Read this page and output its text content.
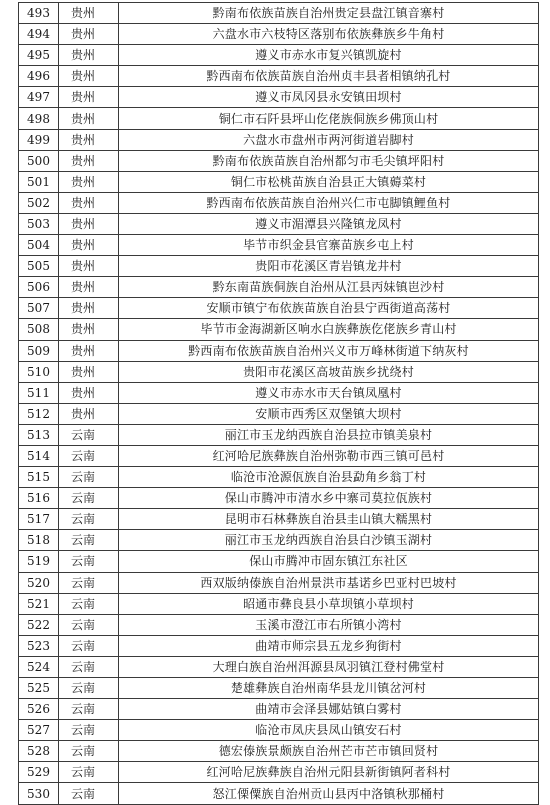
493	贵州	黔南布依族苗族自治州贵定县盘江镇音寨村
494	贵州	六盘水市六枝特区落别布依族彝族乡牛角村
495	贵州	遵义市赤水市复兴镇凯旋村
496	贵州	黔西南布依族苗族自治州贞丰县者相镇纳孔村
497	贵州	遵义市凤冈县永安镇田坝村
498	贵州	铜仁市石阡县坪山仡佬族侗族乡佛顶山村
499	贵州	六盘水市盘州市两河街道岩脚村
500	贵州	黔南布依族苗族自治州都匀市毛尖镇坪阳村
501	贵州	铜仁市松桃苗族自治县正大镇薅菜村
502	贵州	黔西南布依族苗族自治州兴仁市屯脚镇鲤鱼村
503	贵州	遵义市湄潭县兴隆镇龙凤村
504	贵州	毕节市织金县官寨苗族乡屯上村
505	贵州	贵阳市花溪区青岩镇龙井村
506	贵州	黔东南苗族侗族自治州从江县丙妹镇岜沙村
507	贵州	安顺市镇宁布依族苗族自治县宁西街道高荡村
508	贵州	毕节市金海湖新区响水白族彝族仡佬族乡青山村
509	贵州	黔西南布依族苗族自治州兴义市万峰林街道下纳灰村
510	贵州	贵阳市花溪区高坡苗族乡扰绕村
511	贵州	遵义市赤水市天台镇凤凰村
512	贵州	安顺市西秀区双堡镇大坝村
513	云南	丽江市玉龙纳西族自治县拉市镇美泉村
514	云南	红河哈尼族彝族自治州弥勒市西三镇可邑村
515	云南	临沧市沧源佤族自治县勐角乡翁丁村
516	云南	保山市腾冲市清水乡中寨司莫拉佤族村
517	云南	昆明市石林彝族自治县圭山镇大糯黑村
518	云南	丽江市玉龙纳西族自治县白沙镇玉湖村
519	云南	保山市腾冲市固东镇江东社区
520	云南	西双版纳傣族自治州景洪市基诺乡巴亚村巴坡村
521	云南	昭通市彝良县小草坝镇小草坝村
522	云南	玉溪市澄江市右所镇小湾村
523	云南	曲靖市师宗县五龙乡狗街村
524	云南	大理白族自治州洱源县凤羽镇江登村佛堂村
525	云南	楚雄彝族自治州南华县龙川镇岔河村
526	云南	曲靖市会泽县娜姑镇白雾村
527	云南	临沧市凤庆县凤山镇安石村
528	云南	德宏傣族景颇族自治州芒市芒市镇回贤村
529	云南	红河哈尼族彝族自治州元阳县新街镇阿者科村
530	云南	怒江傈僳族自治州贡山县丙中洛镇秋那桶村
